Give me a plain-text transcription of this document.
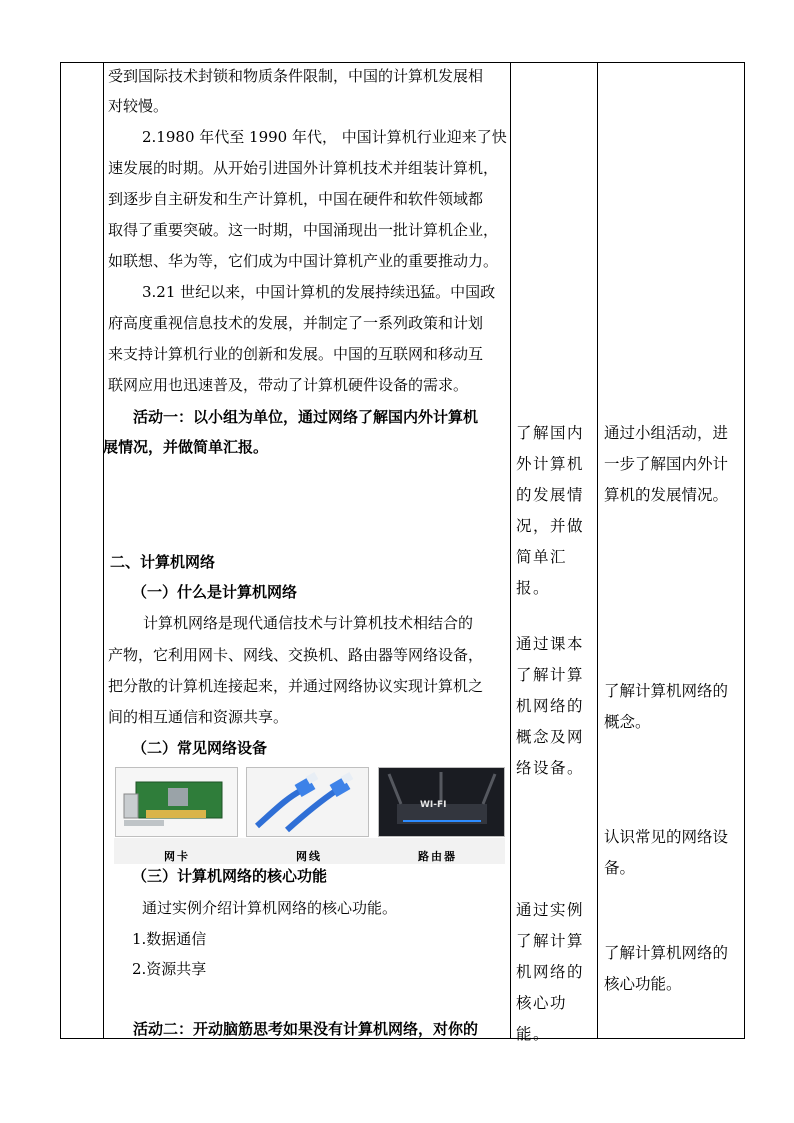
受到国际技术封锁和物质条件限制，中国的计算机发展相
对较慢。
2.1980 年代至 1990 年代， 中国计算机行业迎来了快
速发展的时期。从开始引进国外计算机技术并组装计算机，
到逐步自主研发和生产计算机，中国在硬件和软件领域都
取得了重要突破。这一时期，中国涌现出一批计算机企业，
如联想、华为等，它们成为中国计算机产业的重要推动力。
3.21 世纪以来，中国计算机的发展持续迅猛。中国政
府高度重视信息技术的发展，并制定了一系列政策和计划
来支持计算机行业的创新和发展。中国的互联网和移动互
联网应用也迅速普及，带动了计算机硬件设备的需求。
活动一：以小组为单位，通过网络了解国内外计算机
展情况，并做简单汇报。
二、计算机网络
（一）什么是计算机网络
计算机网络是现代通信技术与计算机技术相结合的
产物，它利用网卡、网线、交换机、路由器等网络设备，
把分散的计算机连接起来，并通过网络协议实现计算机之
间的相互通信和资源共享。
（二）常见网络设备
WI-FI
网卡	网线	路由器
（三）计算机网络的核心功能
通过实例介绍计算机网络的核心功能。
1.数据通信
2.资源共享
活动二：开动脑筋思考如果没有计算机网络，对你的
了解国内外计算机的发展情况，并做简单汇报。
通过课本了解计算机网络的概念及网络设备。
通过实例了解计算机网络的核心功能。
通过小组活动，进一步了解国内外计算机的发展情况。
了解计算机网络的概念。
认识常见的网络设备。
了解计算机网络的核心功能。
